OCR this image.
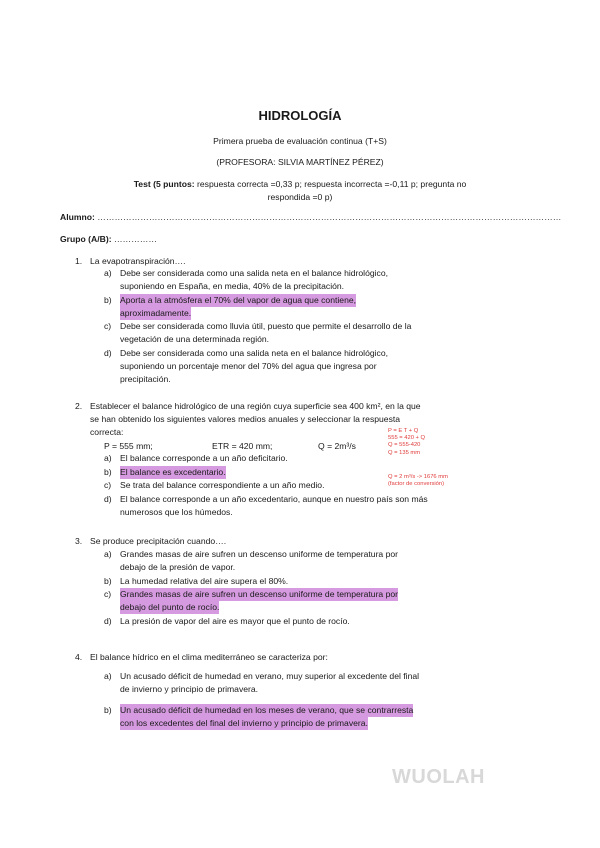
HIDROLOGÍA
Primera prueba de evaluación continua (T+S)
(PROFESORA: SILVIA MARTÍNEZ PÉREZ)
Test (5 puntos: respuesta correcta =0,33 p; respuesta incorrecta =-0,11 p; pregunta no
respondida =0 p)
Alumno: ………………………………………………………………………………………………………………………………………………
Grupo (A/B): ……………
1. La evapotranspiración….
a) Debe ser considerada como una salida neta en el balance hidrológico,
suponiendo en España, en media, 40% de la precipitación.
b) Aporta a la atmósfera el 70% del vapor de agua que contiene,
aproximadamente.
c) Debe ser considerada como lluvia útil, puesto que permite el desarrollo de la
vegetación de una determinada región.
d) Debe ser considerada como una salida neta en el balance hidrológico,
suponiendo un porcentaje menor del 70% del agua que ingresa por
precipitación.
2. Establecer el balance hidrológico de una región cuya superficie sea 400 km², en la que
se han obtenido los siguientes valores medios anuales y seleccionar la respuesta
correcta:
P = 555 mm;	ETR = 420 mm;	Q = 2m³/s
P = E T + Q
555 = 420 + Q
Q = 555-420
Q = 135 mm
Q = 2 m³/s -> 1676 mm
(factor de conversión)
a) El balance corresponde a un año deficitario.
b) El balance es excedentario.
c) Se trata del balance correspondiente a un año medio.
d) El balance corresponde a un año excedentario, aunque en nuestro país son más
numerosos que los húmedos.
3. Se produce precipitación cuando….
a) Grandes masas de aire sufren un descenso uniforme de temperatura por
debajo de la presión de vapor.
b) La humedad relativa del aire supera el 80%.
c) Grandes masas de aire sufren un descenso uniforme de temperatura por
debajo del punto de rocío.
d) La presión de vapor del aire es mayor que el punto de rocío.
4. El balance hídrico en el clima mediterráneo se caracteriza por:
a) Un acusado déficit de humedad en verano, muy superior al excedente del final
de invierno y principio de primavera.
b) Un acusado déficit de humedad en los meses de verano, que se contrarresta
con los excedentes del final del invierno y principio de primavera.
WUOLAH
